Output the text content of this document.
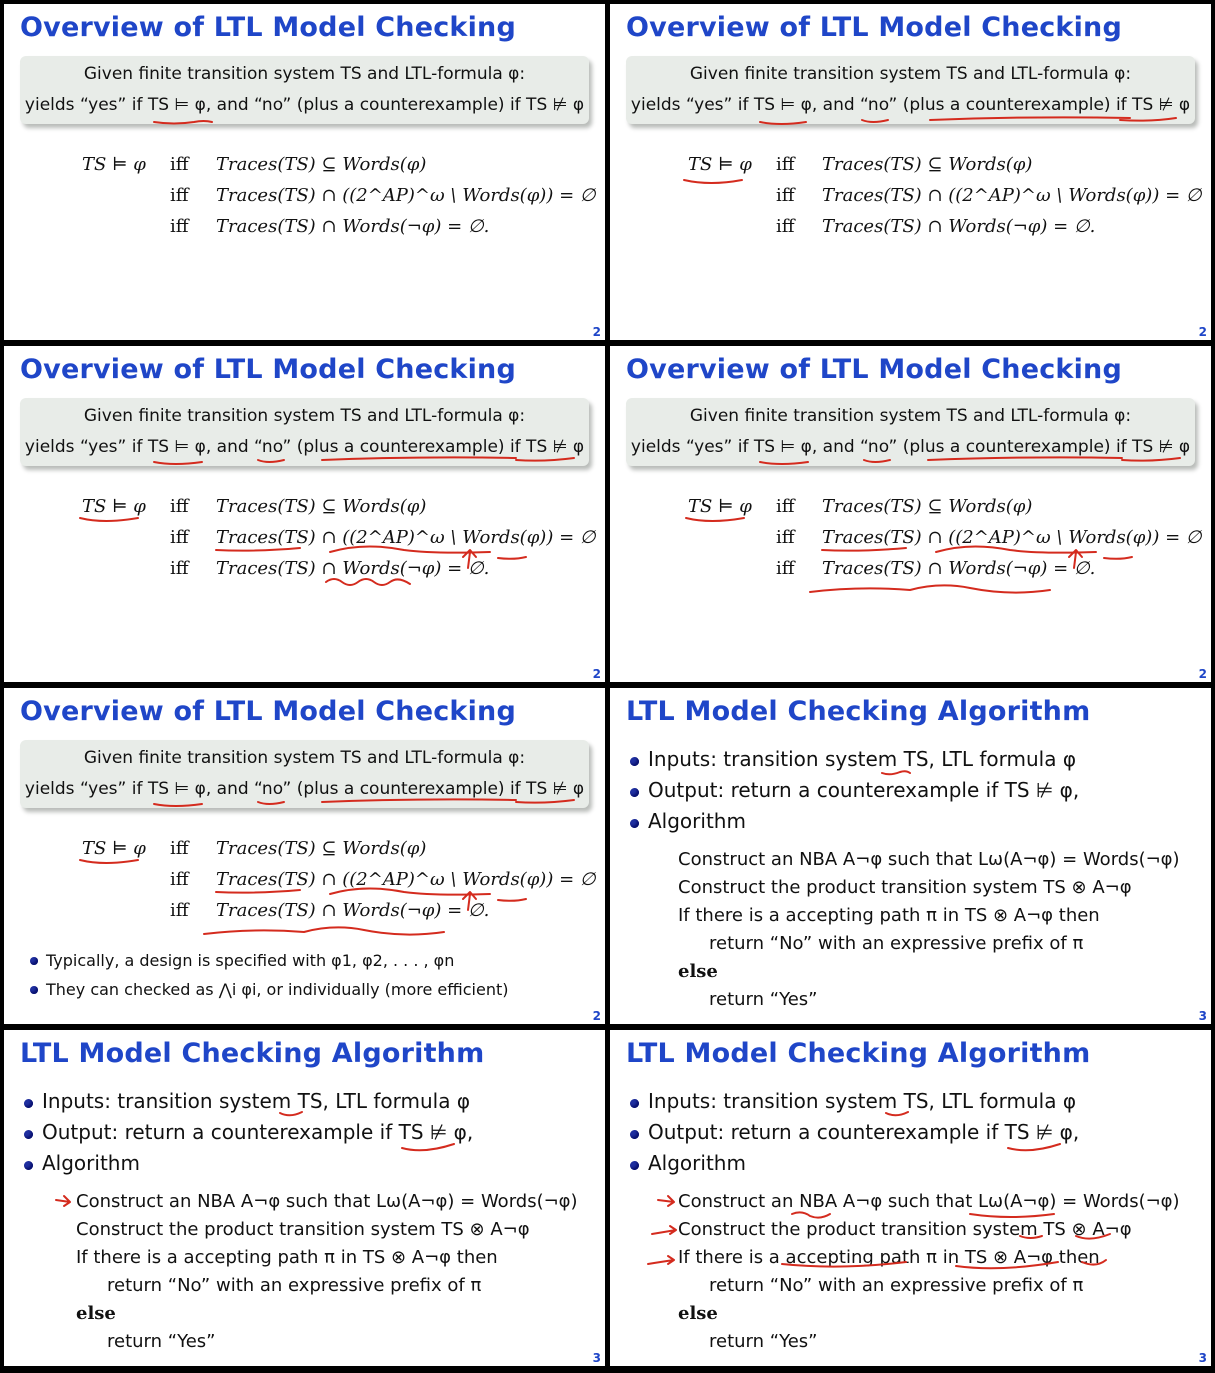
Overview of LTL Model Checking
Given finite transition system TS and LTL-formula φ:
yields “yes” if TS ⊨ φ, and “no” (plus a counterexample) if TS ⊭ φ
TS ⊨ φ iff Traces(TS) ⊆ Words(φ)
iff Traces(TS) ∩ ((2^AP)^ω \ Words(φ)) = ∅
iff Traces(TS) ∩ Words(¬φ) = ∅.
2
Overview of LTL Model Checking
Given finite transition system TS and LTL-formula φ:
yields “yes” if TS ⊨ φ, and “no” (plus a counterexample) if TS ⊭ φ
TS ⊨ φ iff Traces(TS) ⊆ Words(φ)
iff Traces(TS) ∩ ((2^AP)^ω \ Words(φ)) = ∅
iff Traces(TS) ∩ Words(¬φ) = ∅.
2
Overview of LTL Model Checking
Given finite transition system TS and LTL-formula φ:
yields “yes” if TS ⊨ φ, and “no” (plus a counterexample) if TS ⊭ φ
TS ⊨ φ iff Traces(TS) ⊆ Words(φ)
iff Traces(TS) ∩ ((2^AP)^ω \ Words(φ)) = ∅
iff Traces(TS) ∩ Words(¬φ) = ∅.
2
Overview of LTL Model Checking
Given finite transition system TS and LTL-formula φ:
yields “yes” if TS ⊨ φ, and “no” (plus a counterexample) if TS ⊭ φ
TS ⊨ φ iff Traces(TS) ⊆ Words(φ)
iff Traces(TS) ∩ ((2^AP)^ω \ Words(φ)) = ∅
iff Traces(TS) ∩ Words(¬φ) = ∅.
2
Overview of LTL Model Checking
Given finite transition system TS and LTL-formula φ:
yields “yes” if TS ⊨ φ, and “no” (plus a counterexample) if TS ⊭ φ
TS ⊨ φ iff Traces(TS) ⊆ Words(φ)
iff Traces(TS) ∩ ((2^AP)^ω \ Words(φ)) = ∅
iff Traces(TS) ∩ Words(¬φ) = ∅.
Typically, a design is specified with φ1, φ2, . . . , φn
They can checked as ⋀i φi, or individually (more efficient)
2
LTL Model Checking Algorithm
Inputs: transition system TS, LTL formula φ
Output: return a counterexample if TS ⊭ φ,
Algorithm
Construct an NBA A¬φ such that Lω(A¬φ) = Words(¬φ)
Construct the product transition system TS ⊗ A¬φ
If there is a accepting path π in TS ⊗ A¬φ then
return “No” with an expressive prefix of π
else
return “Yes”
3
LTL Model Checking Algorithm
Inputs: transition system TS, LTL formula φ
Output: return a counterexample if TS ⊭ φ,
Algorithm
Construct an NBA A¬φ such that Lω(A¬φ) = Words(¬φ)
Construct the product transition system TS ⊗ A¬φ
If there is a accepting path π in TS ⊗ A¬φ then
return “No” with an expressive prefix of π
else
return “Yes”
3
LTL Model Checking Algorithm
Inputs: transition system TS, LTL formula φ
Output: return a counterexample if TS ⊭ φ,
Algorithm
Construct an NBA A¬φ such that Lω(A¬φ) = Words(¬φ)
Construct the product transition system TS ⊗ A¬φ
If there is a accepting path π in TS ⊗ A¬φ then
return “No” with an expressive prefix of π
else
return “Yes”
3
